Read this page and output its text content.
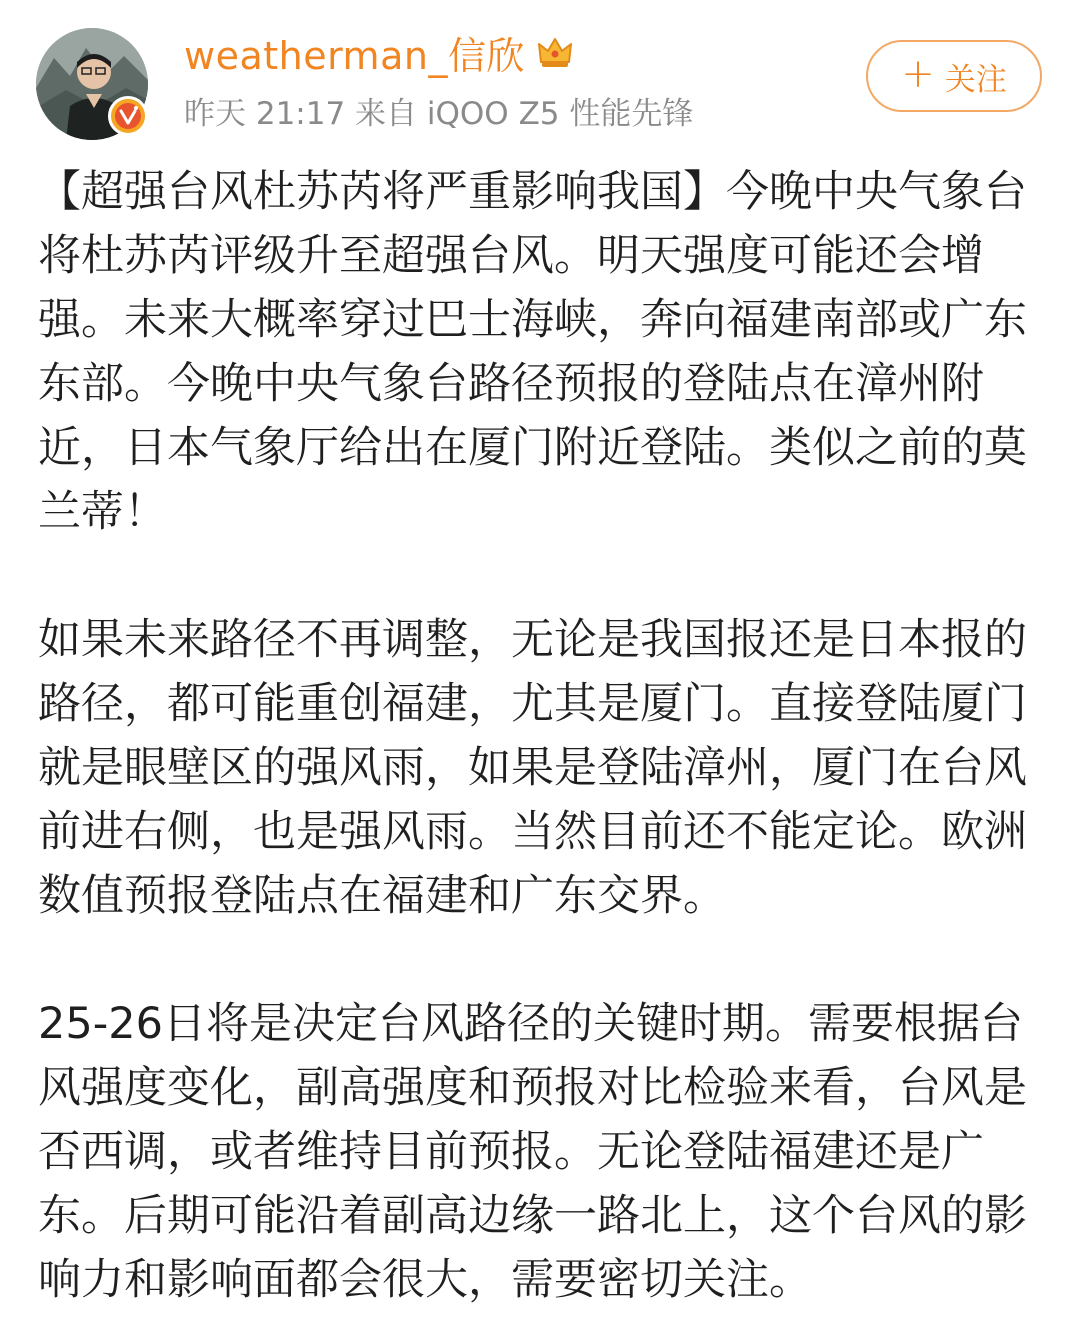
weatherman_信欣
昨天 21:17 来自 iQOO Z5 性能先锋
+ 关注

【超强台风杜苏芮将严重影响我国】今晚中央气象台将杜苏芮评级升至超强台风。明天强度可能还会增强。未来大概率穿过巴士海峡，奔向福建南部或广东东部。今晚中央气象台路径预报的登陆点在漳州附近，日本气象厅给出在厦门附近登陆。类似之前的莫兰蒂！

如果未来路径不再调整，无论是我国报还是日本报的路径，都可能重创福建，尤其是厦门。直接登陆厦门就是眼壁区的强风雨，如果是登陆漳州，厦门在台风前进右侧，也是强风雨。当然目前还不能定论。欧洲数值预报登陆点在福建和广东交界。

25-26日将是决定台风路径的关键时期。需要根据台风强度变化，副高强度和预报对比检验来看，台风是否西调，或者维持目前预报。无论登陆福建还是广东。后期可能沿着副高边缘一路北上，这个台风的影响力和影响面都会很大，需要密切关注。
